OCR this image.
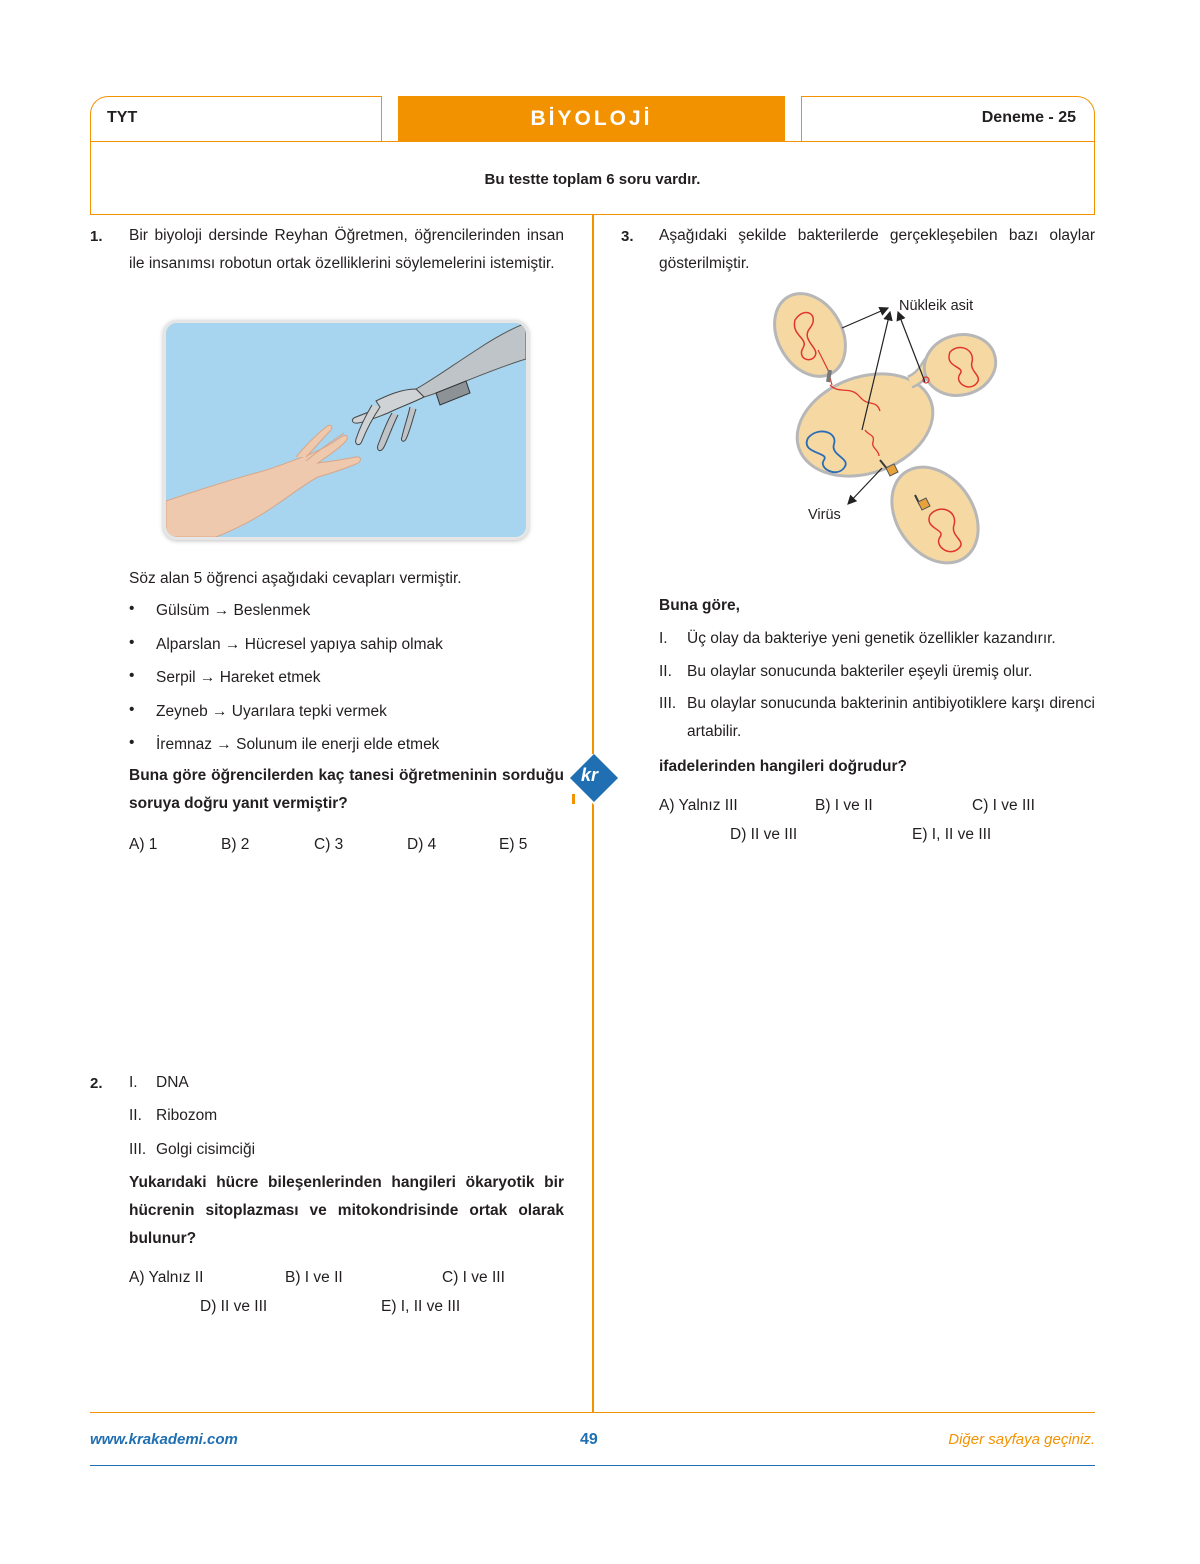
TYT	BİYOLOJİ	Deneme - 25
Bu testte toplam 6 soru vardır.
1. Bir biyoloji dersinde Reyhan Öğretmen, öğrencilerinden insan ile insanımsı robotun ortak özelliklerini söylemelerini istemiştir.
Söz alan 5 öğrenci aşağıdaki cevapları vermiştir.
• Gülsüm → Beslenmek
• Alparslan → Hücresel yapıya sahip olmak
• Serpil → Hareket etmek
• Zeyneb → Uyarılara tepki vermek
• İremnaz → Solunum ile enerji elde etmek
Buna göre öğrencilerden kaç tanesi öğretmeninin sorduğu soruya doğru yanıt vermiştir?
A) 1	B) 2	C) 3	D) 4	E) 5
kr
2. I. DNA
II. Ribozom
III. Golgi cisimciği
Yukarıdaki hücre bileşenlerinden hangileri ökaryotik bir hücrenin sitoplazması ve mitokondrisinde ortak olarak bulunur?
A) Yalnız II	B) I ve II	C) I ve III
D) II ve III	E) I, II ve III
3. Aşağıdaki şekilde bakterilerde gerçekleşebilen bazı olaylar gösterilmiştir.
Nükleik asit
Virüs
Buna göre,
I. Üç olay da bakteriye yeni genetik özellikler kazandırır.
II. Bu olaylar sonucunda bakteriler eşeyli üremiş olur.
III. Bu olaylar sonucunda bakterinin antibiyotiklere karşı direnci artabilir.
ifadelerinden hangileri doğrudur?
A) Yalnız III	B) I ve II	C) I ve III
D) II ve III	E) I, II ve III
www.krakademi.com	49	Diğer sayfaya geçiniz.
